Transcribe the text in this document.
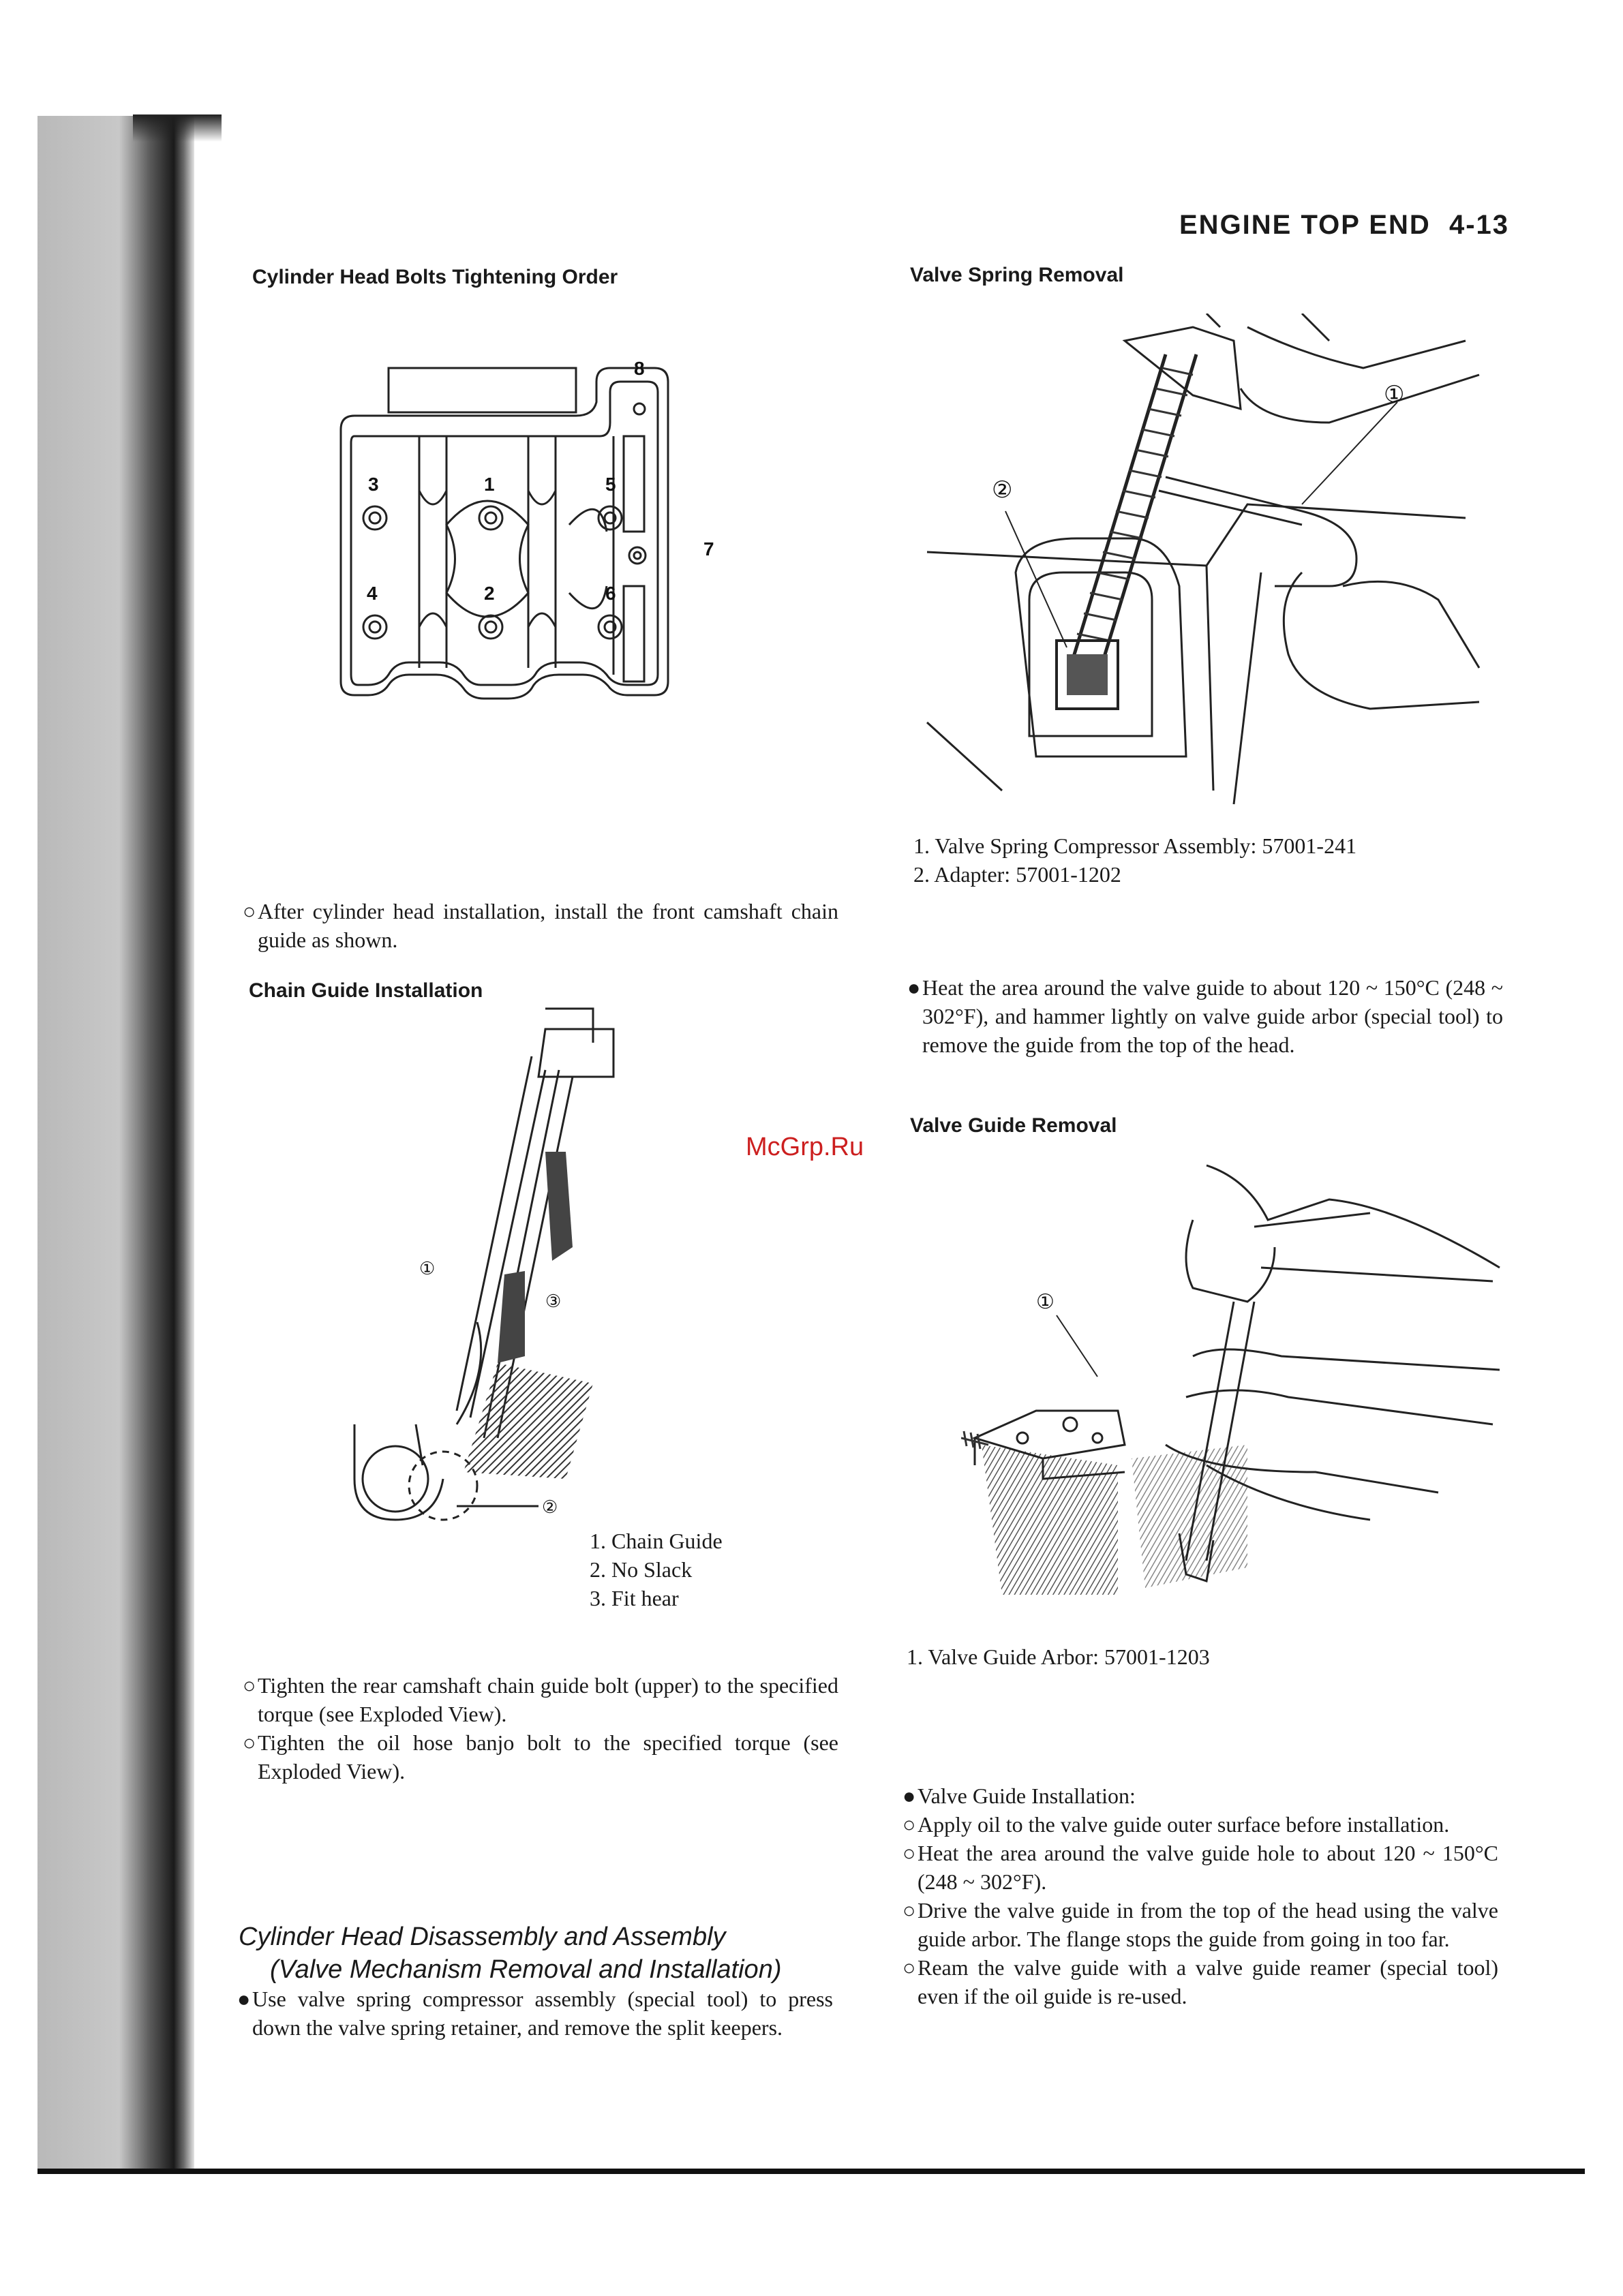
ENGINE TOP END 4-13
McGrp.Ru
Cylinder Head Bolts Tightening Order
3	1	5
4	2	6
7
8
○ After cylinder head installation, install the front camshaft chain guide as shown.
Chain Guide Installation
①
③
②
1. Chain Guide
2. No Slack
3. Fit hear
○ Tighten the rear camshaft chain guide bolt (upper) to the specified torque (see Exploded View).
○ Tighten the oil hose banjo bolt to the specified torque (see Exploded View).
Cylinder Head Disassembly and Assembly
(Valve Mechanism Removal and Installation)
● Use valve spring compressor assembly (special tool) to press down the valve spring retainer, and remove the split keepers.
Valve Spring Removal
①
②
1. Valve Spring Compressor Assembly: 57001-241
2. Adapter: 57001-1202
● Heat the area around the valve guide to about 120 ~ 150°C (248 ~ 302°F), and hammer lightly on valve guide arbor (special tool) to remove the guide from the top of the head.
Valve Guide Removal
①
1. Valve Guide Arbor: 57001-1203
● Valve Guide Installation:
○ Apply oil to the valve guide outer surface before installation.
○ Heat the area around the valve guide hole to about 120 ~ 150°C (248 ~ 302°F).
○ Drive the valve guide in from the top of the head using the valve guide arbor. The flange stops the guide from going in too far.
○ Ream the valve guide with a valve guide reamer (special tool) even if the oil guide is re-used.
